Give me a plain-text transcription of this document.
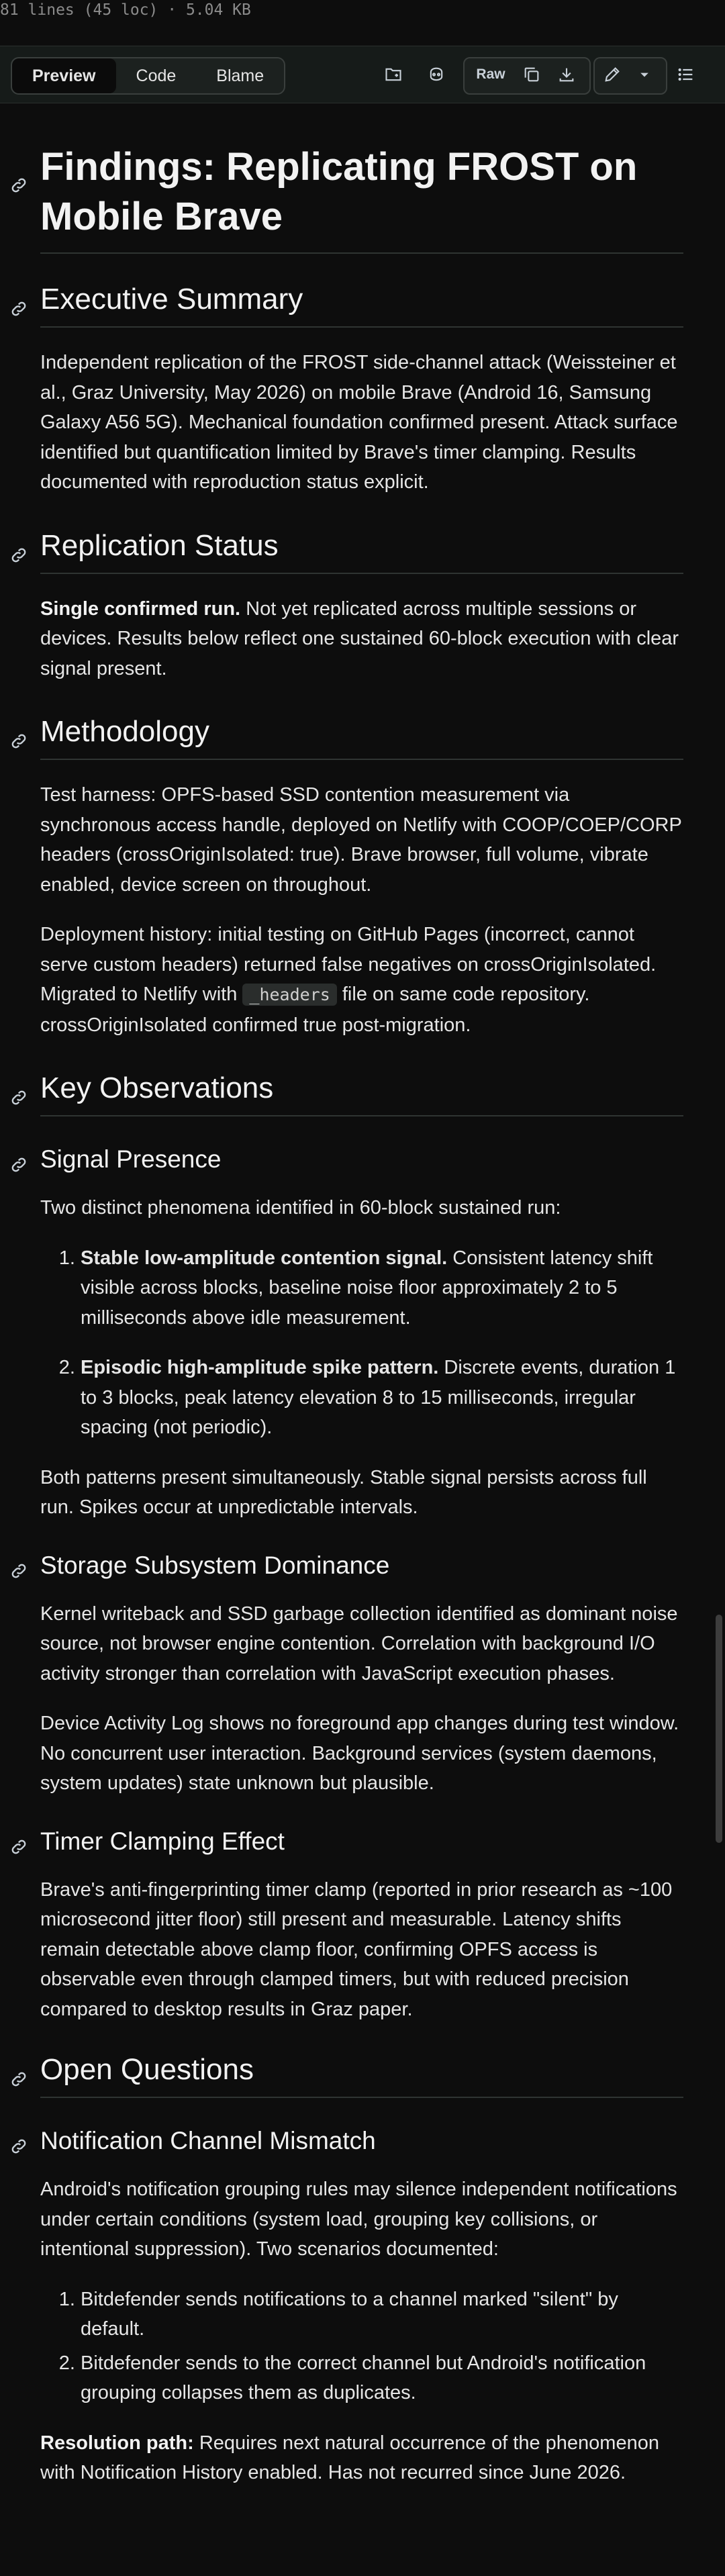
81 lines (45 loc) · 5.04 KB
Preview	Code	Blame	Raw
Findings: Replicating FROST on Mobile Brave
Executive Summary

Independent replication of the FROST side-channel attack (Weissteiner et al., Graz University, May 2026) on mobile Brave (Android 16, Samsung Galaxy A56 5G). Mechanical foundation confirmed present. Attack surface identified but quantification limited by Brave's timer clamping. Results documented with reproduction status explicit.

Replication Status

Single confirmed run. Not yet replicated across multiple sessions or devices. Results below reflect one sustained 60-block execution with clear signal present.

Methodology

Test harness: OPFS-based SSD contention measurement via synchronous access handle, deployed on Netlify with COOP/COEP/CORP headers (crossOriginIsolated: true). Brave browser, full volume, vibrate enabled, device screen on throughout.

Deployment history: initial testing on GitHub Pages (incorrect, cannot serve custom headers) returned false negatives on crossOriginIsolated. Migrated to Netlify with _headers file on same code repository. crossOriginIsolated confirmed true post-migration.

Key Observations
Signal Presence

Two distinct phenomena identified in 60-block sustained run:

1. Stable low-amplitude contention signal. Consistent latency shift visible across blocks, baseline noise floor approximately 2 to 5 milliseconds above idle measurement.
2. Episodic high-amplitude spike pattern. Discrete events, duration 1 to 3 blocks, peak latency elevation 8 to 15 milliseconds, irregular spacing (not periodic).

Both patterns present simultaneously. Stable signal persists across full run. Spikes occur at unpredictable intervals.

Storage Subsystem Dominance

Kernel writeback and SSD garbage collection identified as dominant noise source, not browser engine contention. Correlation with background I/O activity stronger than correlation with JavaScript execution phases.

Device Activity Log shows no foreground app changes during test window. No concurrent user interaction. Background services (system daemons, system updates) state unknown but plausible.

Timer Clamping Effect

Brave's anti-fingerprinting timer clamp (reported in prior research as ~100 microsecond jitter floor) still present and measurable. Latency shifts remain detectable above clamp floor, confirming OPFS access is observable even through clamped timers, but with reduced precision compared to desktop results in Graz paper.

Open Questions
Notification Channel Mismatch

Android's notification grouping rules may silence independent notifications under certain conditions (system load, grouping key collisions, or intentional suppression). Two scenarios documented:

1. Bitdefender sends notifications to a channel marked "silent" by default.
2. Bitdefender sends to the correct channel but Android's notification grouping collapses them as duplicates.

Resolution path: Requires next natural occurrence of the phenomenon with Notification History enabled. Has not recurred since June 2026.
